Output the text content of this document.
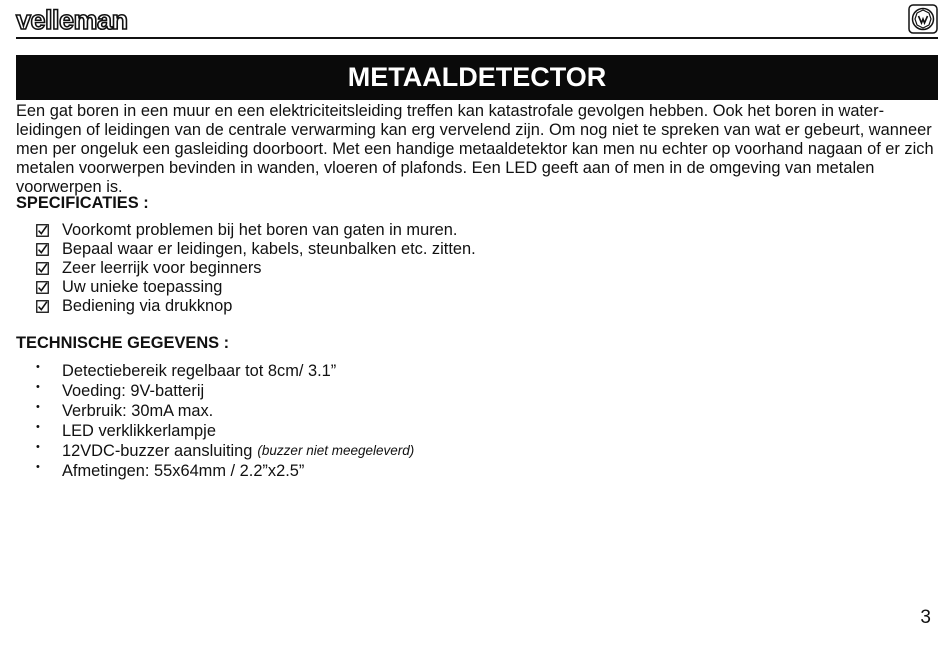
velleman
METAALDETECTOR

Een gat boren in een muur en een elektriciteitsleiding treffen kan katastrofale gevolgen hebben. Ook het boren in water-leidingen of leidingen van de centrale verwarming kan erg vervelend zijn. Om nog niet te spreken van wat er gebeurt, wanneer men per ongeluk een gasleiding doorboort. Met een handige metaaldetektor kan men nu echter op voorhand nagaan of er zich metalen voorwerpen bevinden in wanden, vloeren of plafonds. Een LED geeft aan of men in de omgeving van metalen voorwerpen is.

SPECIFICATIES :
Voorkomt problemen bij het boren van gaten in muren.
Bepaal waar er leidingen, kabels, steunbalken etc. zitten.
Zeer leerrijk voor beginners
Uw unieke toepassing
Bediening via drukknop
TECHNISCHE GEGEVENS :
•	Detectiebereik regelbaar tot 8cm/ 3.1”
•	Voeding: 9V-batterij
•	Verbruik: 30mA max.
•	LED verklikkerlampje
•	12VDC-buzzer aansluiting (buzzer niet meegeleverd)
•	Afmetingen: 55x64mm / 2.2”x2.5”
3
